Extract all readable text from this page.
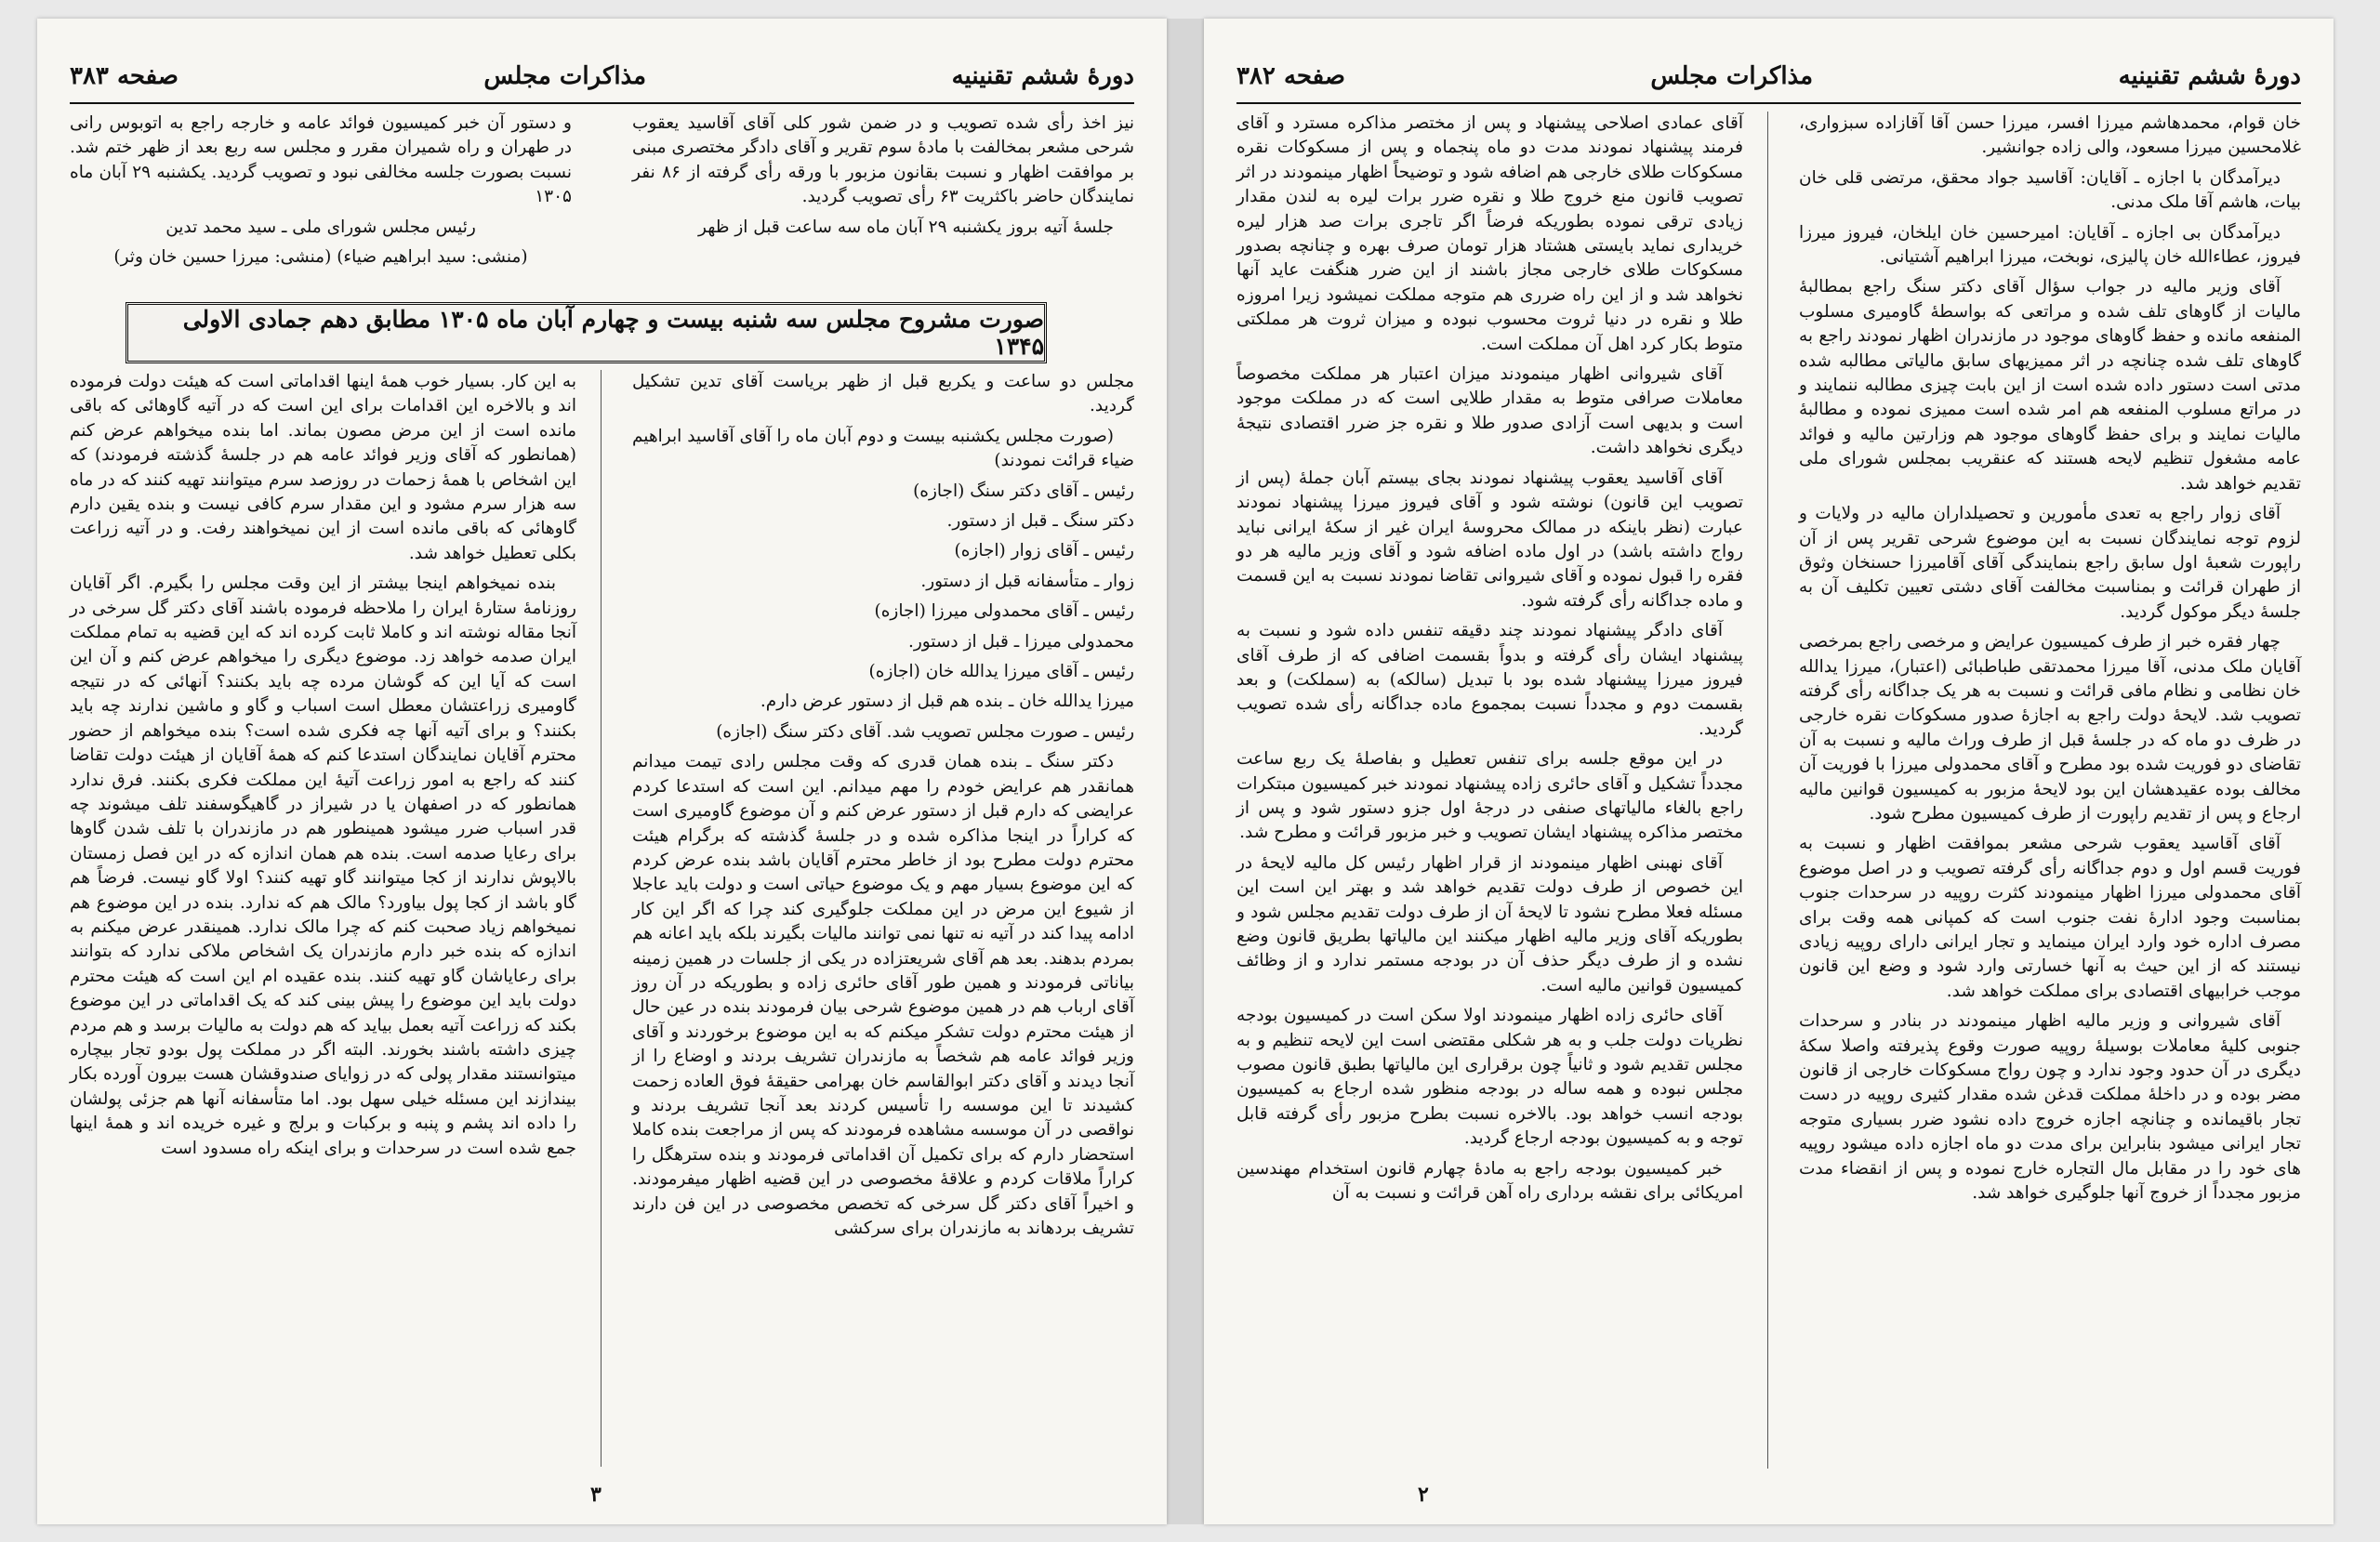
دورهٔ ششم تقنینیه
مذاکرات مجلس
صفحه ۳۸۳

نیز اخذ رأی شده تصویب و در ضمن شور کلی آقای آقاسید یعقوب شرحی مشعر بمخالفت با مادهٔ سوم تقریر و آقای دادگر مختصری مبنی بر موافقت اظهار و نسبت بقانون مزبور با ورقه رأی گرفته از ۸۶ نفر نمایندگان حاضر باکثریت ۶۳ رأی تصویب گردید.

جلسهٔ آتیه بروز یکشنبه ۲۹ آبان ماه سه ساعت قبل از ظهر

و دستور آن خبر کمیسیون فوائد عامه و خارجه راجع به اتوبوس رانی در طهران و راه شمیران مقرر و مجلس سه ربع بعد از ظهر ختم شد. نسبت بصورت جلسه مخالفی نبود و تصویب گردید. یکشنبه ۲۹ آبان ماه ۱۳۰۵

رئیس مجلس شورای ملی ـ سید محمد تدین

(منشی: سید ابراهیم ضیاء) (منشی: میرزا حسین خان وثر)

صورت مشروح مجلس سه شنبه بیست و چهارم آبان ماه ۱۳۰۵ مطابق دهم جمادی الاولی ۱۳۴۵

مجلس دو ساعت و یکربع قبل از ظهر بریاست آقای تدین تشکیل گردید.

(صورت مجلس یکشنبه بیست و دوم آبان ماه را آقای آقاسید ابراهیم ضیاء قرائت نمودند)

رئیس ـ آقای دکتر سنگ (اجازه)

دکتر سنگ ـ قبل از دستور.

رئیس ـ آقای زوار (اجازه)

زوار ـ متأسفانه قبل از دستور.

رئیس ـ آقای محمدولی میرزا (اجازه)

محمدولی میرزا ـ قبل از دستور.

رئیس ـ آقای میرزا یدالله خان (اجازه)

میرزا یدالله خان ـ بنده هم قبل از دستور عرض دارم.

رئیس ـ صورت مجلس تصویب شد. آقای دکتر سنگ (اجازه)

دکتر سنگ ـ بنده همان قدری که وقت مجلس رادی تیمت میدانم همانقدر هم عرایض خودم را مهم میدانم. این است که استدعا کردم عرایضی که دارم قبل از دستور عرض کنم و آن موضوع گاومیری است که کراراً در اینجا مذاکره شده و در جلسهٔ گذشته که برگرام هیئت محترم دولت مطرح بود از خاطر محترم آقایان باشد بنده عرض کردم که این موضوع بسیار مهم و یک موضوع حیاتی است و دولت باید عاجلا از شیوع این مرض در این مملکت جلوگیری کند چرا که اگر این کار ادامه پیدا کند در آتیه نه تنها نمی توانند مالیات بگیرند بلکه باید اعانه هم بمردم بدهند. بعد هم آقای شریعتزاده در یکی از جلسات در همین زمینه بیاناتی فرمودند و همین طور آقای حائری زاده و بطوریکه در آن روز آقای ارباب هم در همین موضوع شرحی بیان فرمودند بنده در عین حال از هیئت محترم دولت تشکر میکنم که به این موضوع برخوردند و آقای وزیر فوائد عامه هم شخصاً به مازندران تشریف بردند و اوضاع را از آنجا دیدند و آقای دکتر ابوالقاسم خان بهرامی حقیقهٔ فوق العاده زحمت کشیدند تا این موسسه را تأسیس کردند بعد آنجا تشریف بردند و نواقصی در آن موسسه مشاهده فرمودند که پس از مراجعت بنده کاملا استحضار دارم که برای تکمیل آن اقداماتی فرمودند و بنده سترهگل را کراراً ملاقات کردم و علاقهٔ مخصوصی در این قضیه اظهار میفرمودند. و اخیراً آقای دکتر گل سرخی که تخصص مخصوصی در این فن دارند تشریف بردهاند به مازندران برای سرکشی

به این کار. بسیار خوب همهٔ اینها اقداماتی است که هیئت دولت فرموده اند و بالاخره این اقدامات برای این است که در آتیه گاوهائی که باقی مانده است از این مرض مصون بماند. اما بنده میخواهم عرض کنم (همانطور که آقای وزیر فوائد عامه هم در جلسهٔ گذشته فرمودند) که این اشخاص با همهٔ زحمات در روزصد سرم میتوانند تهیه کنند که در ماه سه هزار سرم مشود و این مقدار سرم کافی نیست و بنده یقین دارم گاوهائی که باقی مانده است از این نمیخواهند رفت. و در آتیه زراعت بکلی تعطیل خواهد شد.

بنده نمیخواهم اینجا بیشتر از این وقت مجلس را بگیرم. اگر آقایان روزنامهٔ ستارهٔ ایران را ملاحظه فرموده باشند آقای دکتر گل سرخی در آنجا مقاله نوشته اند و کاملا ثابت کرده اند که این قضیه به تمام مملکت ایران صدمه خواهد زد. موضوع دیگری را میخواهم عرض کنم و آن این است که آیا این که گوشان مرده چه باید بکنند؟ آنهائی که در نتیجه گاومیری زراعتشان معطل است اسباب و گاو و ماشین ندارند چه باید بکنند؟ و برای آتیه آنها چه فکری شده است؟ بنده میخواهم از حضور محترم آقایان نمایندگان استدعا کنم که همهٔ آقایان از هیئت دولت تقاضا کنند که راجع به امور زراعت آتیهٔ این مملکت فکری بکنند. فرق ندارد همانطور که در اصفهان یا در شیراز در گاهیگوسفند تلف میشوند چه قدر اسباب ضرر میشود همینطور هم در مازندران با تلف شدن گاوها برای رعایا صدمه است. بنده هم همان اندازه که در این فصل زمستان بالاپوش ندارند از کجا میتوانند گاو تهیه کنند؟ اولا گاو نیست. فرضاً هم گاو باشد از کجا پول بیاورد؟ مالک هم که ندارد. بنده در این موضوع هم نمیخواهم زیاد صحبت کنم که چرا مالک ندارد. همینقدر عرض میکنم به اندازه که بنده خبر دارم مازندران یک اشخاص ملاکی ندارد که بتوانند برای رعایاشان گاو تهیه کنند. بنده عقیده ام این است که هیئت محترم دولت باید این موضوع را پیش بینی کند که یک اقداماتی در این موضوع بکند که زراعت آتیه بعمل بیاید که هم دولت به مالیات برسد و هم مردم چیزی داشته باشند بخورند. البته اگر در مملکت پول بودو تجار بیچاره میتوانستند مقدار پولی که در زوایای صندوقشان هست بیرون آورده بکار بیندازند این مسئله خیلی سهل بود. اما متأسفانه آنها هم جزئی پولشان را داده اند پشم و پنبه و برکبات و برلج و غیره خریده اند و همهٔ اینها جمع شده است در سرحدات و برای اینکه راه مسدود است

۳
دورهٔ ششم تقنینیه
مذاکرات مجلس
صفحه ۳۸۲

خان قوام، محمدهاشم میرزا افسر، میرزا حسن آقا آقازاده سبزواری، غلامحسین میرزا مسعود، والی زاده جوانشیر.

دیرآمدگان با اجازه ـ آقایان: آقاسید جواد محقق، مرتضی قلی خان بیات، هاشم آقا ملک مدنی.

دیرآمدگان بی اجازه ـ آقایان: امیرحسین خان ایلخان، فیروز میرزا فیروز، عطاءالله خان پالیزی، نوبخت، میرزا ابراهیم آشتیانی.

آقای وزیر مالیه در جواب سؤال آقای دکتر سنگ راجع بمطالبهٔ مالیات از گاوهای تلف شده و مراتعی که بواسطهٔ گاومیری مسلوب المنفعه مانده و حفظ گاوهای موجود در مازندران اظهار نمودند راجع به گاوهای تلف شده چنانچه در اثر ممیزیهای سابق مالیاتی مطالبه شده مدتی است دستور داده شده است از این بابت چیزی مطالبه ننمایند و در مراتع مسلوب المنفعه هم امر شده است ممیزی نموده و مطالبهٔ مالیات نمایند و برای حفظ گاوهای موجود هم وزارتین مالیه و فوائد عامه مشغول تنظیم لایحه هستند که عنقریب بمجلس شورای ملی تقدیم خواهد شد.

آقای زوار راجع به تعدی مأمورین و تحصیلداران مالیه در ولایات و لزوم توجه نمایندگان نسبت به این موضوع شرحی تقریر پس از آن راپورت شعبهٔ اول سابق راجع بنمایندگی آقای آقامیرزا حسنخان وثوق از طهران قرائت و بمناسبت مخالفت آقای دشتی تعیین تکلیف آن به جلسهٔ دیگر موکول گردید.

چهار فقره خبر از طرف کمیسیون عرایض و مرخصی راجع بمرخصی آقایان ملک مدنی، آقا میرزا محمدتقی طباطبائی (اعتبار)، میرزا یدالله خان نظامی و نظام مافی قرائت و نسبت به هر یک جداگانه رأی گرفته تصویب شد. لایحهٔ دولت راجع به اجازهٔ صدور مسکوکات نقره خارجی در ظرف دو ماه که در جلسهٔ قبل از طرف وراث مالیه و نسبت به آن تقاضای دو فوریت شده بود مطرح و آقای محمدولی میرزا با فوریت آن مخالف بوده عقیدهشان این بود لایحهٔ مزبور به کمیسیون قوانین مالیه ارجاع و پس از تقدیم راپورت از طرف کمیسیون مطرح شود.

آقای آقاسید یعقوب شرحی مشعر بموافقت اظهار و نسبت به فوریت قسم اول و دوم جداگانه رأی گرفته تصویب و در اصل موضوع آقای محمدولی میرزا اظهار مینمودند کثرت روپیه در سرحدات جنوب بمناسبت وجود ادارهٔ نفت جنوب است که کمپانی همه وقت برای مصرف اداره خود وارد ایران مینماید و تجار ایرانی دارای روپیه زیادی نیستند که از این حیث به آنها خسارتی وارد شود و وضع این قانون موجب خرابیهای اقتصادی برای مملکت خواهد شد.

آقای شیروانی و وزیر مالیه اظهار مینمودند در بنادر و سرحدات جنوبی کلیهٔ معاملات بوسیلهٔ روپیه صورت وقوع پذیرفته واصلا سکهٔ دیگری در آن حدود وجود ندارد و چون رواج مسکوکات خارجی از قانون مضر بوده و در داخلهٔ مملکت قدغن شده مقدار کثیری روپیه در دست تجار باقیمانده و چنانچه اجازه خروج داده نشود ضرر بسیاری متوجه تجار ایرانی میشود بنابراین برای مدت دو ماه اجازه داده میشود روپیه های خود را در مقابل مال التجاره خارج نموده و پس از انقضاء مدت مزبور مجدداً از خروج آنها جلوگیری خواهد شد.

آقای عمادی اصلاحی پیشنهاد و پس از مختصر مذاکره مسترد و آقای فرمند پیشنهاد نمودند مدت دو ماه پنجماه و پس از مسکوکات نقره مسکوکات طلای خارجی هم اضافه شود و توضیحاً اظهار مینمودند در اثر تصویب قانون منع خروج طلا و نقره ضرر برات لیره به لندن مقدار زیادی ترقی نموده بطوریکه فرضاً اگر تاجری برات صد هزار لیره خریداری نماید بایستی هشتاد هزار تومان صرف بهره و چنانچه بصدور مسکوکات طلای خارجی مجاز باشند از این ضرر هنگفت عاید آنها نخواهد شد و از این راه ضرری هم متوجه مملکت نمیشود زیرا امروزه طلا و نقره در دنیا ثروت محسوب نبوده و میزان ثروت هر مملکتی متوط بکار کرد اهل آن مملکت است.

آقای شیروانی اظهار مینمودند میزان اعتبار هر مملکت مخصوصاً معاملات صرافی متوط به مقدار طلایی است که در مملکت موجود است و بدیهی است آزادی صدور طلا و نقره جز ضرر اقتصادی نتیجهٔ دیگری نخواهد داشت.

آقای آقاسید یعقوب پیشنهاد نمودند بجای بیستم آبان جملهٔ (پس از تصویب این قانون) نوشته شود و آقای فیروز میرزا پیشنهاد نمودند عبارت (نظر باینکه در ممالک محروسهٔ ایران غیر از سکهٔ ایرانی نباید رواج داشته باشد) در اول ماده اضافه شود و آقای وزیر مالیه هر دو فقره را قبول نموده و آقای شیروانی تقاضا نمودند نسبت به این قسمت و ماده جداگانه رأی گرفته شود.

آقای دادگر پیشنهاد نمودند چند دقیقه تنفس داده شود و نسبت به پیشنهاد ایشان رأی گرفته و بدواً بقسمت اضافی که از طرف آقای فیروز میرزا پیشنهاد شده بود با تبدیل (سالکه) به (سملکت) و بعد بقسمت دوم و مجدداً نسبت بمجموع ماده جداگانه رأی شده تصویب گردید.

در این موقع جلسه برای تنفس تعطیل و بفاصلهٔ یک ربع ساعت مجدداً تشکیل و آقای حائری زاده پیشنهاد نمودند خبر کمیسیون مبتکرات راجع بالغاء مالیاتهای صنفی در درجهٔ اول جزو دستور شود و پس از مختصر مذاکره پیشنهاد ایشان تصویب و خبر مزبور قرائت و مطرح شد.

آقای نهبنی اظهار مینمودند از قرار اظهار رئیس کل مالیه لایحهٔ در این خصوص از طرف دولت تقدیم خواهد شد و بهتر این است این مسئله فعلا مطرح نشود تا لایحهٔ آن از طرف دولت تقدیم مجلس شود و بطوریکه آقای وزیر مالیه اظهار میکنند این مالیاتها بطریق قانون وضع نشده و از طرف دیگر حذف آن در بودجه مستمر ندارد و از وظائف کمیسیون قوانین مالیه است.

آقای حائری زاده اظهار مینمودند اولا سکن است در کمیسیون بودجه نظریات دولت جلب و به هر شکلی مقتضی است این لایحه تنظیم و به مجلس تقدیم شود و ثانیاً چون برقراری این مالیاتها بطبق قانون مصوب مجلس نبوده و همه ساله در بودجه منظور شده ارجاع به کمیسیون بودجه انسب خواهد بود. بالاخره نسبت بطرح مزبور رأی گرفته قابل توجه و به کمیسیون بودجه ارجاع گردید.

خبر کمیسیون بودجه راجع به مادهٔ چهارم قانون استخدام مهندسین امریکائی برای نقشه برداری راه آهن قرائت و نسبت به آن

۲
